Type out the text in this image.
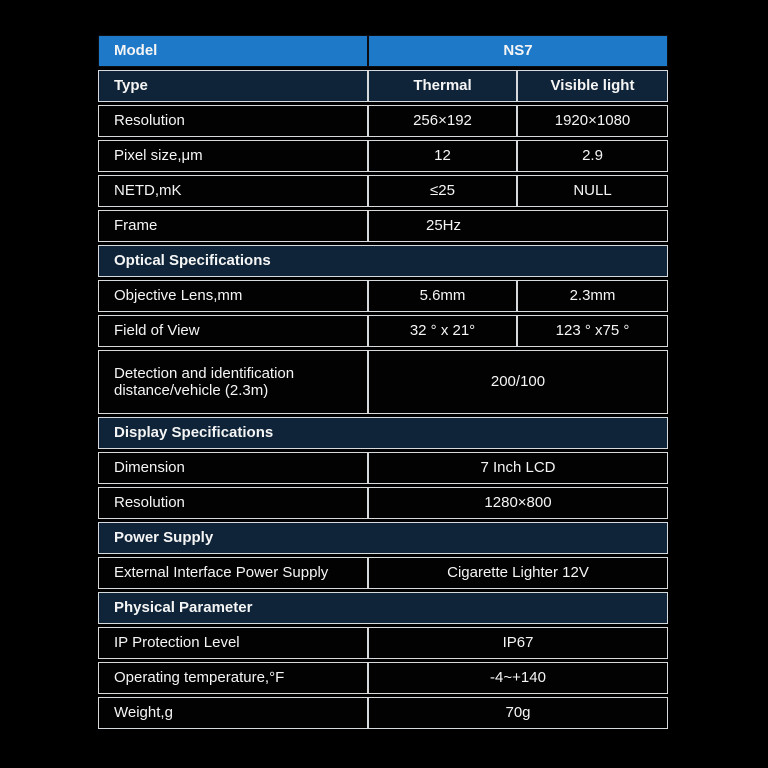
Model	NS7	
Type	Thermal	Visible light
Resolution	256×192	1920×1080
Pixel size,μm	12	2.9
NETD,mK	≤25	NULL
Frame	25Hz	

Optical Specifications		
Objective Lens,mm	5.6mm	2.3mm
Field of View	32 ° x 21°	123 ° x75 °
Detection and identification distance/vehicle (2.3m)	200/100	
Display Specifications		
Dimension	7 Inch LCD	
Resolution	1280×800	
Power Supply		
External Interface Power Supply	Cigarette Lighter 12V	
Physical Parameter		
IP Protection Level	IP67	
Operating temperature,°F	-4~+140	
Weight,g	70g	
